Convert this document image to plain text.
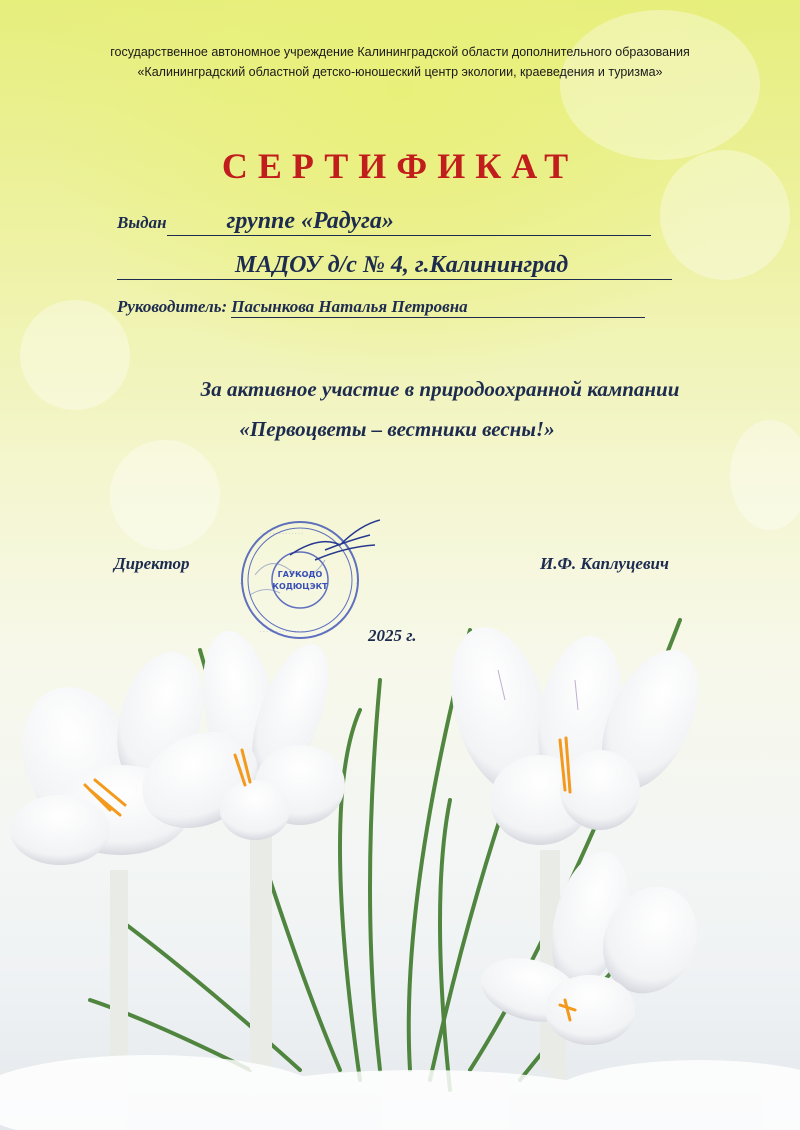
государственное автономное учреждение Калининградской области дополнительного образования
«Калининградский областной детско-юношеский центр экологии, краеведения и туризма»
СЕРТИФИКАТ
Выдан	группе «Радуга»
МАДОУ д/с № 4, г.Калининград
Руководитель: Пасынкова Наталья Петровна
За активное участие в природоохранной кампании
«Первоцветы – вестники весны!»
Директор	И.Ф. Каплуцевич
2025 г.
· · · · · · · · · · · · · ·
·	·
· · · · · · · · · · · · · ·
ГАУКОДО
КОДЮЦЭКТ
